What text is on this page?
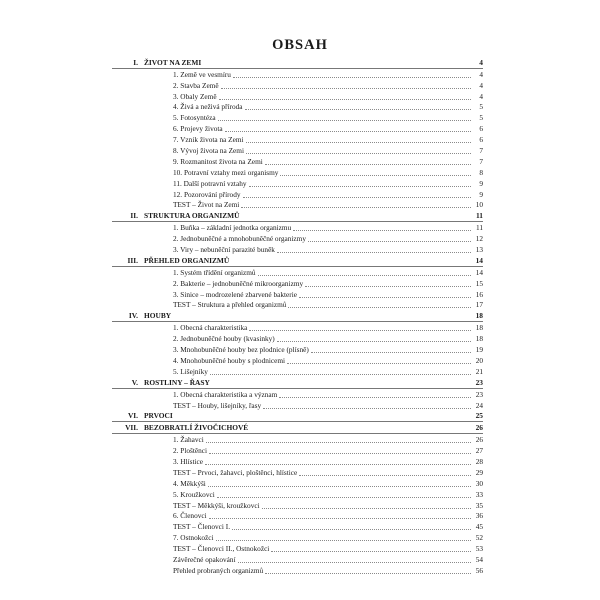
OBSAH
I. ŽIVOT NA ZEMI	4
1. Země ve vesmíru	4
2. Stavba Země	4
3. Obaly Země	4
4. Živá a neživá příroda	5
5. Fotosyntéza	5
6. Projevy života	6
7. Vznik života na Zemi	6
8. Vývoj života na Zemi	7
9. Rozmanitost života na Zemi	7
10. Potravní vztahy mezi organismy	8
11. Další potravní vztahy	9
12. Pozorování přírody	9
TEST – Život na Zemi	10
II. STRUKTURA ORGANIZMŮ	11
1. Buňka – základní jednotka organizmu	11
2. Jednobuněčné a mnohobuněčné organizmy	12
3. Viry – nebuněční parazité buněk	13
III. PŘEHLED ORGANIZMŮ	14
1. Systém třídění organizmů	14
2. Bakterie – jednobuněčné mikroorganizmy	15
3. Sinice – modrozelené zbarvené bakterie	16
TEST – Struktura a přehled organizmů	17
IV. HOUBY	18
1. Obecná charakteristika	18
2. Jednobuněčné houby (kvasinky)	18
3. Mnohobuněčné houby bez plodnice (plísně)	19
4. Mnohobuněčné houby s plodnicemi	20
5. Lišejníky	21
V. ROSTLINY – ŘASY	23
1. Obecná charakteristika a význam	23
TEST – Houby, lišejníky, řasy	24
VI. PRVOCI	25
VII. BEZOBRATLÍ ŽIVOČICHOVÉ	26
1. Žahavci	26
2. Ploštěnci	27
3. Hlístice	28
TEST – Prvoci, žahavci, ploštěnci, hlístice	29
4. Měkkýši	30
5. Kroužkovci	33
TEST – Měkkýši, kroužkovci	35
6. Členovci	36
TEST – Členovci I.	45
7. Ostnokožci	52
TEST – Členovci II., Ostnokožci	53
Závěrečné opakování	54
Přehled probraných organizmů	56
